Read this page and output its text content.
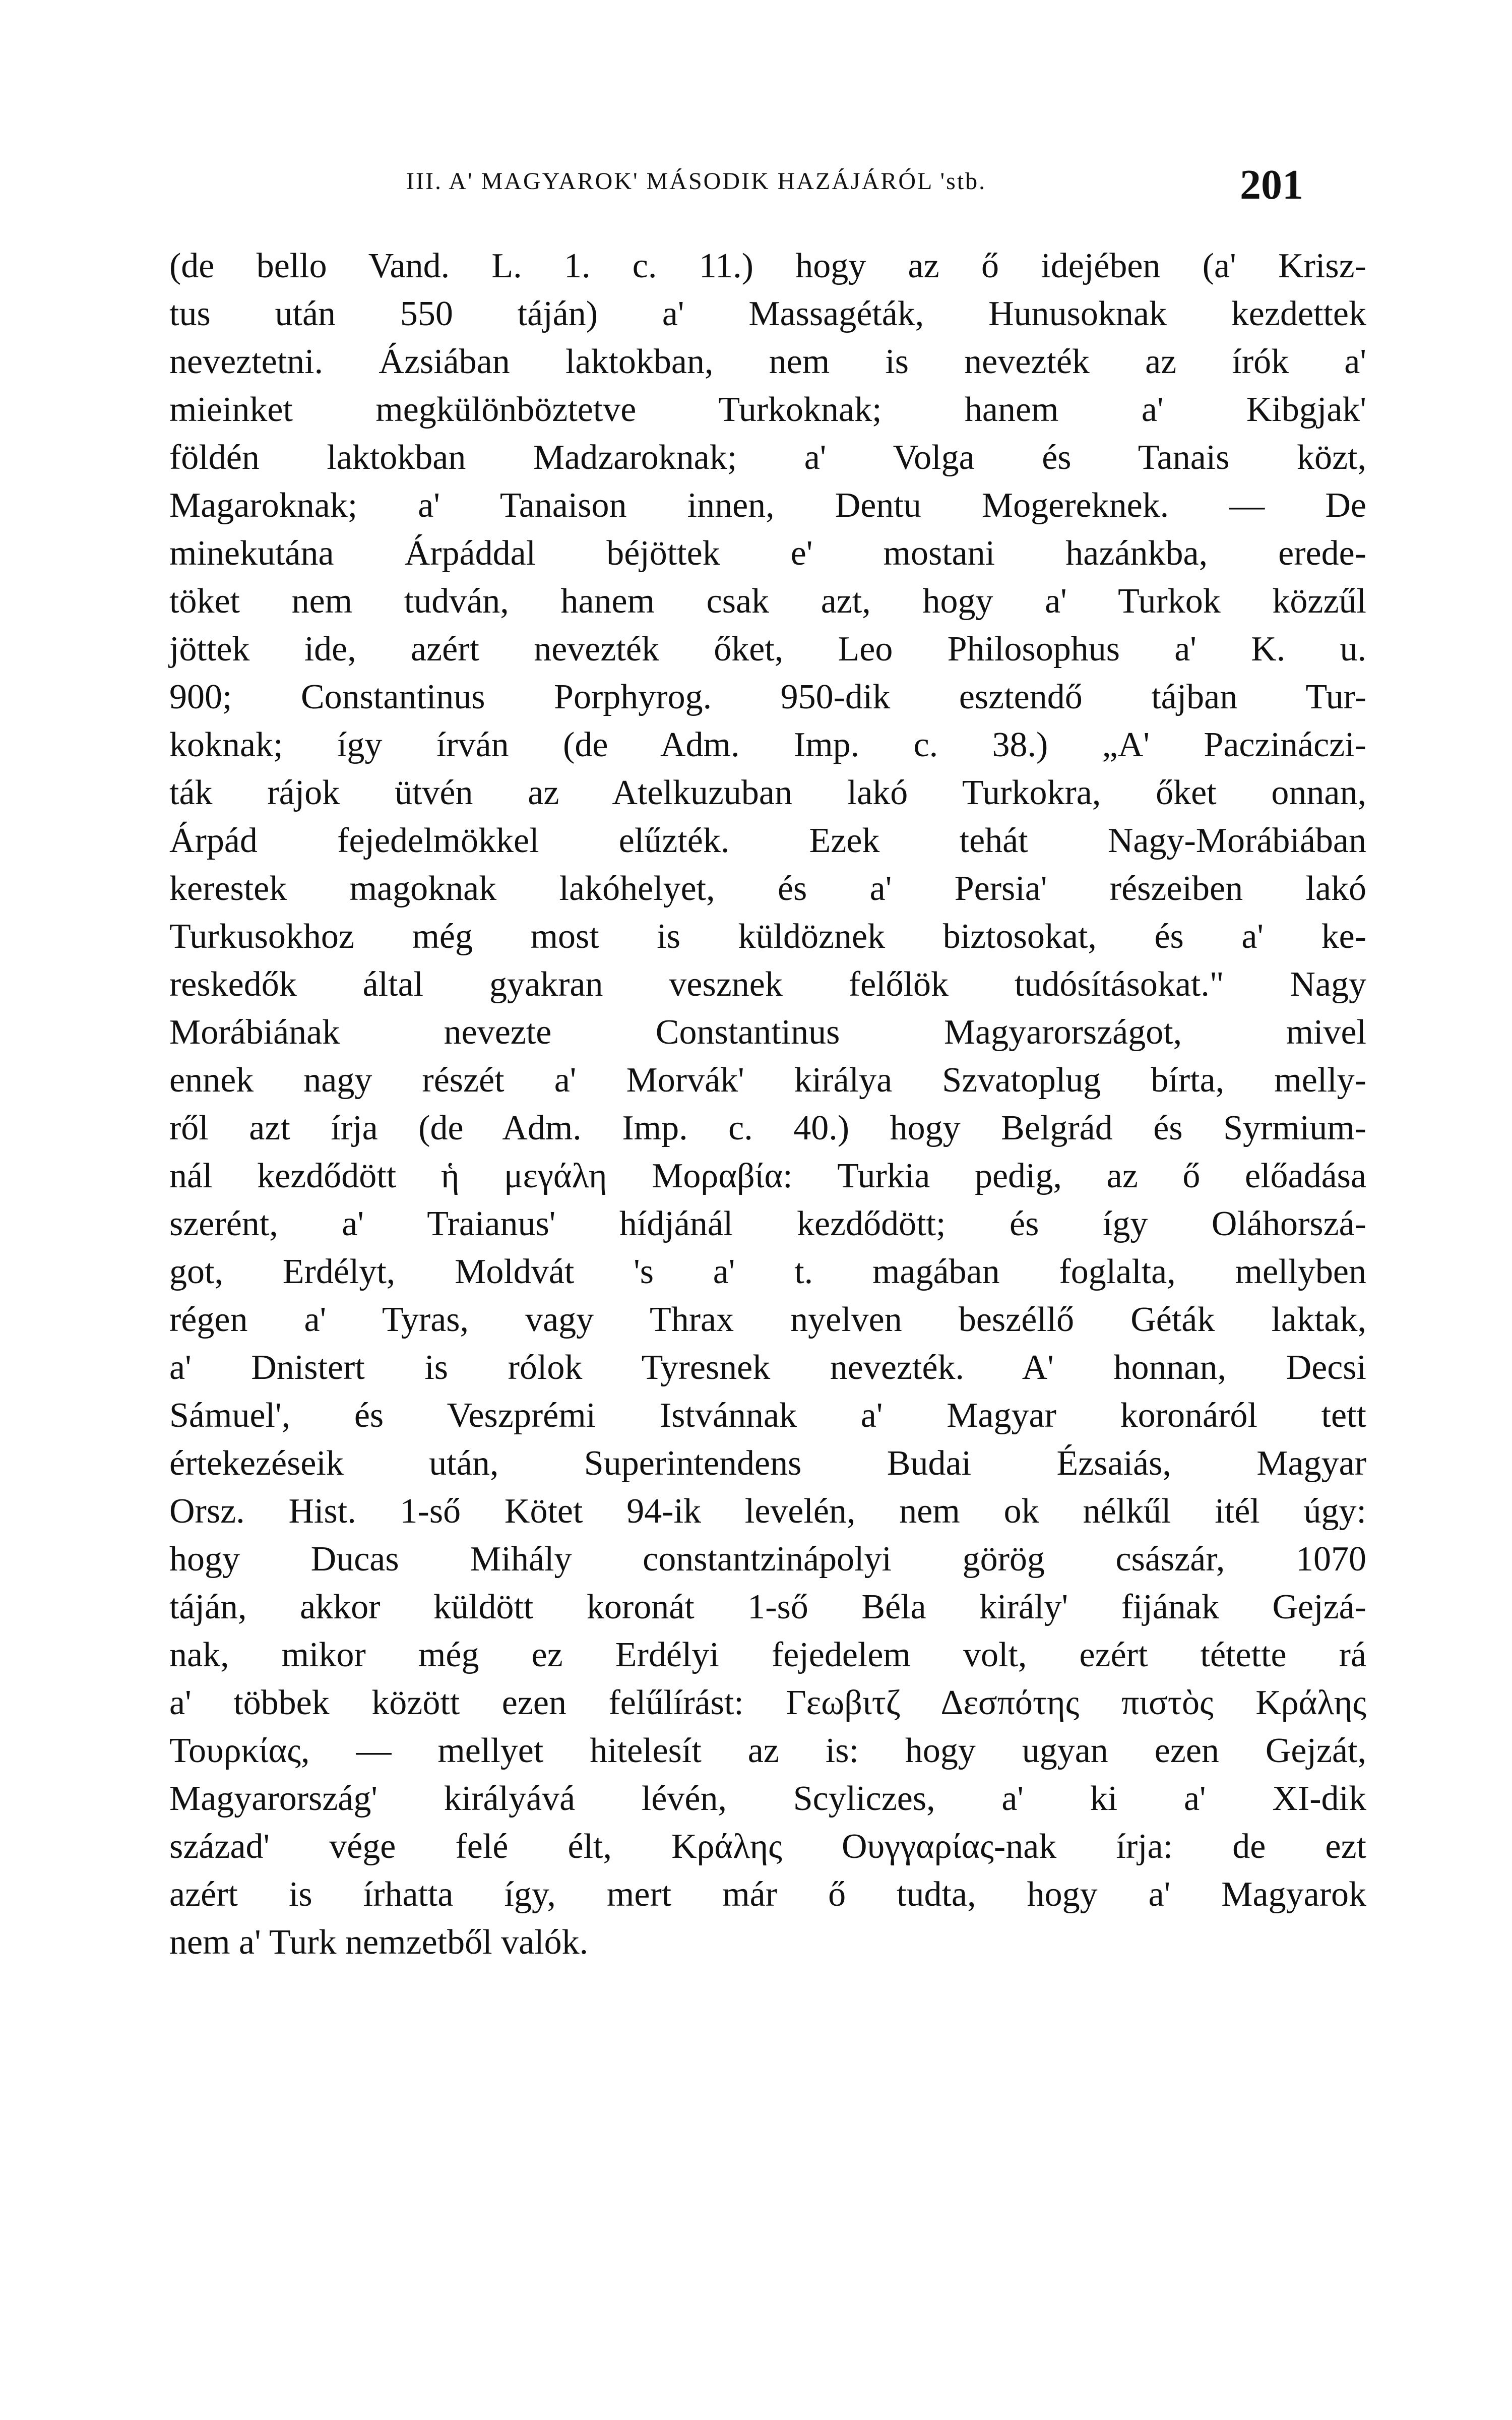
III. A' MAGYAROK' MÁSODIK HAZÁJÁRÓL 'stb.	201
(de bello Vand. L. 1. c. 11.) hogy az ő idejében (a' Krisz-
tus után 550 táján) a' Massagéták, Hunusoknak kezdettek
neveztetni. Ázsiában laktokban, nem is nevezték az írók a'
mieinket megkülönböztetve Turkoknak; hanem a' Kibgjak'
földén laktokban Madzaroknak; a' Volga és Tanais közt,
Magaroknak; a' Tanaison innen, Dentu Mogereknek. — De
minekutána Árpáddal béjöttek e' mostani hazánkba, erede-
töket nem tudván, hanem csak azt, hogy a' Turkok közzűl
jöttek ide, azért nevezték őket, Leo Philosophus a' K. u.
900; Constantinus Porphyrog. 950-dik esztendő tájban Tur-
koknak; így írván (de Adm. Imp. c. 38.) „A' Paczináczi-
ták rájok ütvén az Atelkuzuban lakó Turkokra, őket onnan,
Árpád fejedelmökkel elűzték. Ezek tehát Nagy-Morábiában
kerestek magoknak lakóhelyet, és a' Persia' részeiben lakó
Turkusokhoz még most is küldöznek biztosokat, és a' ke-
reskedők által gyakran vesznek felőlök tudósításokat." Nagy
Morábiának nevezte Constantinus Magyarországot, mivel
ennek nagy részét a' Morvák' királya Szvatoplug bírta, melly-
ről azt írja (de Adm. Imp. c. 40.) hogy Belgrád és Syrmium-
nál kezdődött ἡ μεγάλη Μοραβία: Turkia pedig, az ő előadása
szerént, a' Traianus' hídjánál kezdődött; és így Oláhorszá-
got, Erdélyt, Moldvát 's a' t. magában foglalta, mellyben
régen a' Tyras, vagy Thrax nyelven beszéllő Géták laktak,
a' Dnistert is rólok Tyresnek nevezték. A' honnan, Decsi
Sámuel', és Veszprémi Istvánnak a' Magyar koronáról tett
értekezéseik után, Superintendens Budai Ézsaiás, Magyar
Orsz. Hist. 1-ső Kötet 94-ik levelén, nem ok nélkűl itél úgy:
hogy Ducas Mihály constantzinápolyi görög császár, 1070
táján, akkor küldött koronát 1-ső Béla király' fijának Gejzá-
nak, mikor még ez Erdélyi fejedelem volt, ezért tétette rá
a' többek között ezen felűlírást: Γεωβιτζ Δεσπότης πιστὸς Κράλης
Τουρκίας, — mellyet hitelesít az is: hogy ugyan ezen Gejzát,
Magyarország' királyává lévén, Scyliczes, a' ki a' XI-dik
század' vége felé élt, Κράλης Ουγγαρίας-nak írja: de ezt
azért is írhatta így, mert már ő tudta, hogy a' Magyarok
nem a' Turk nemzetből valók.
